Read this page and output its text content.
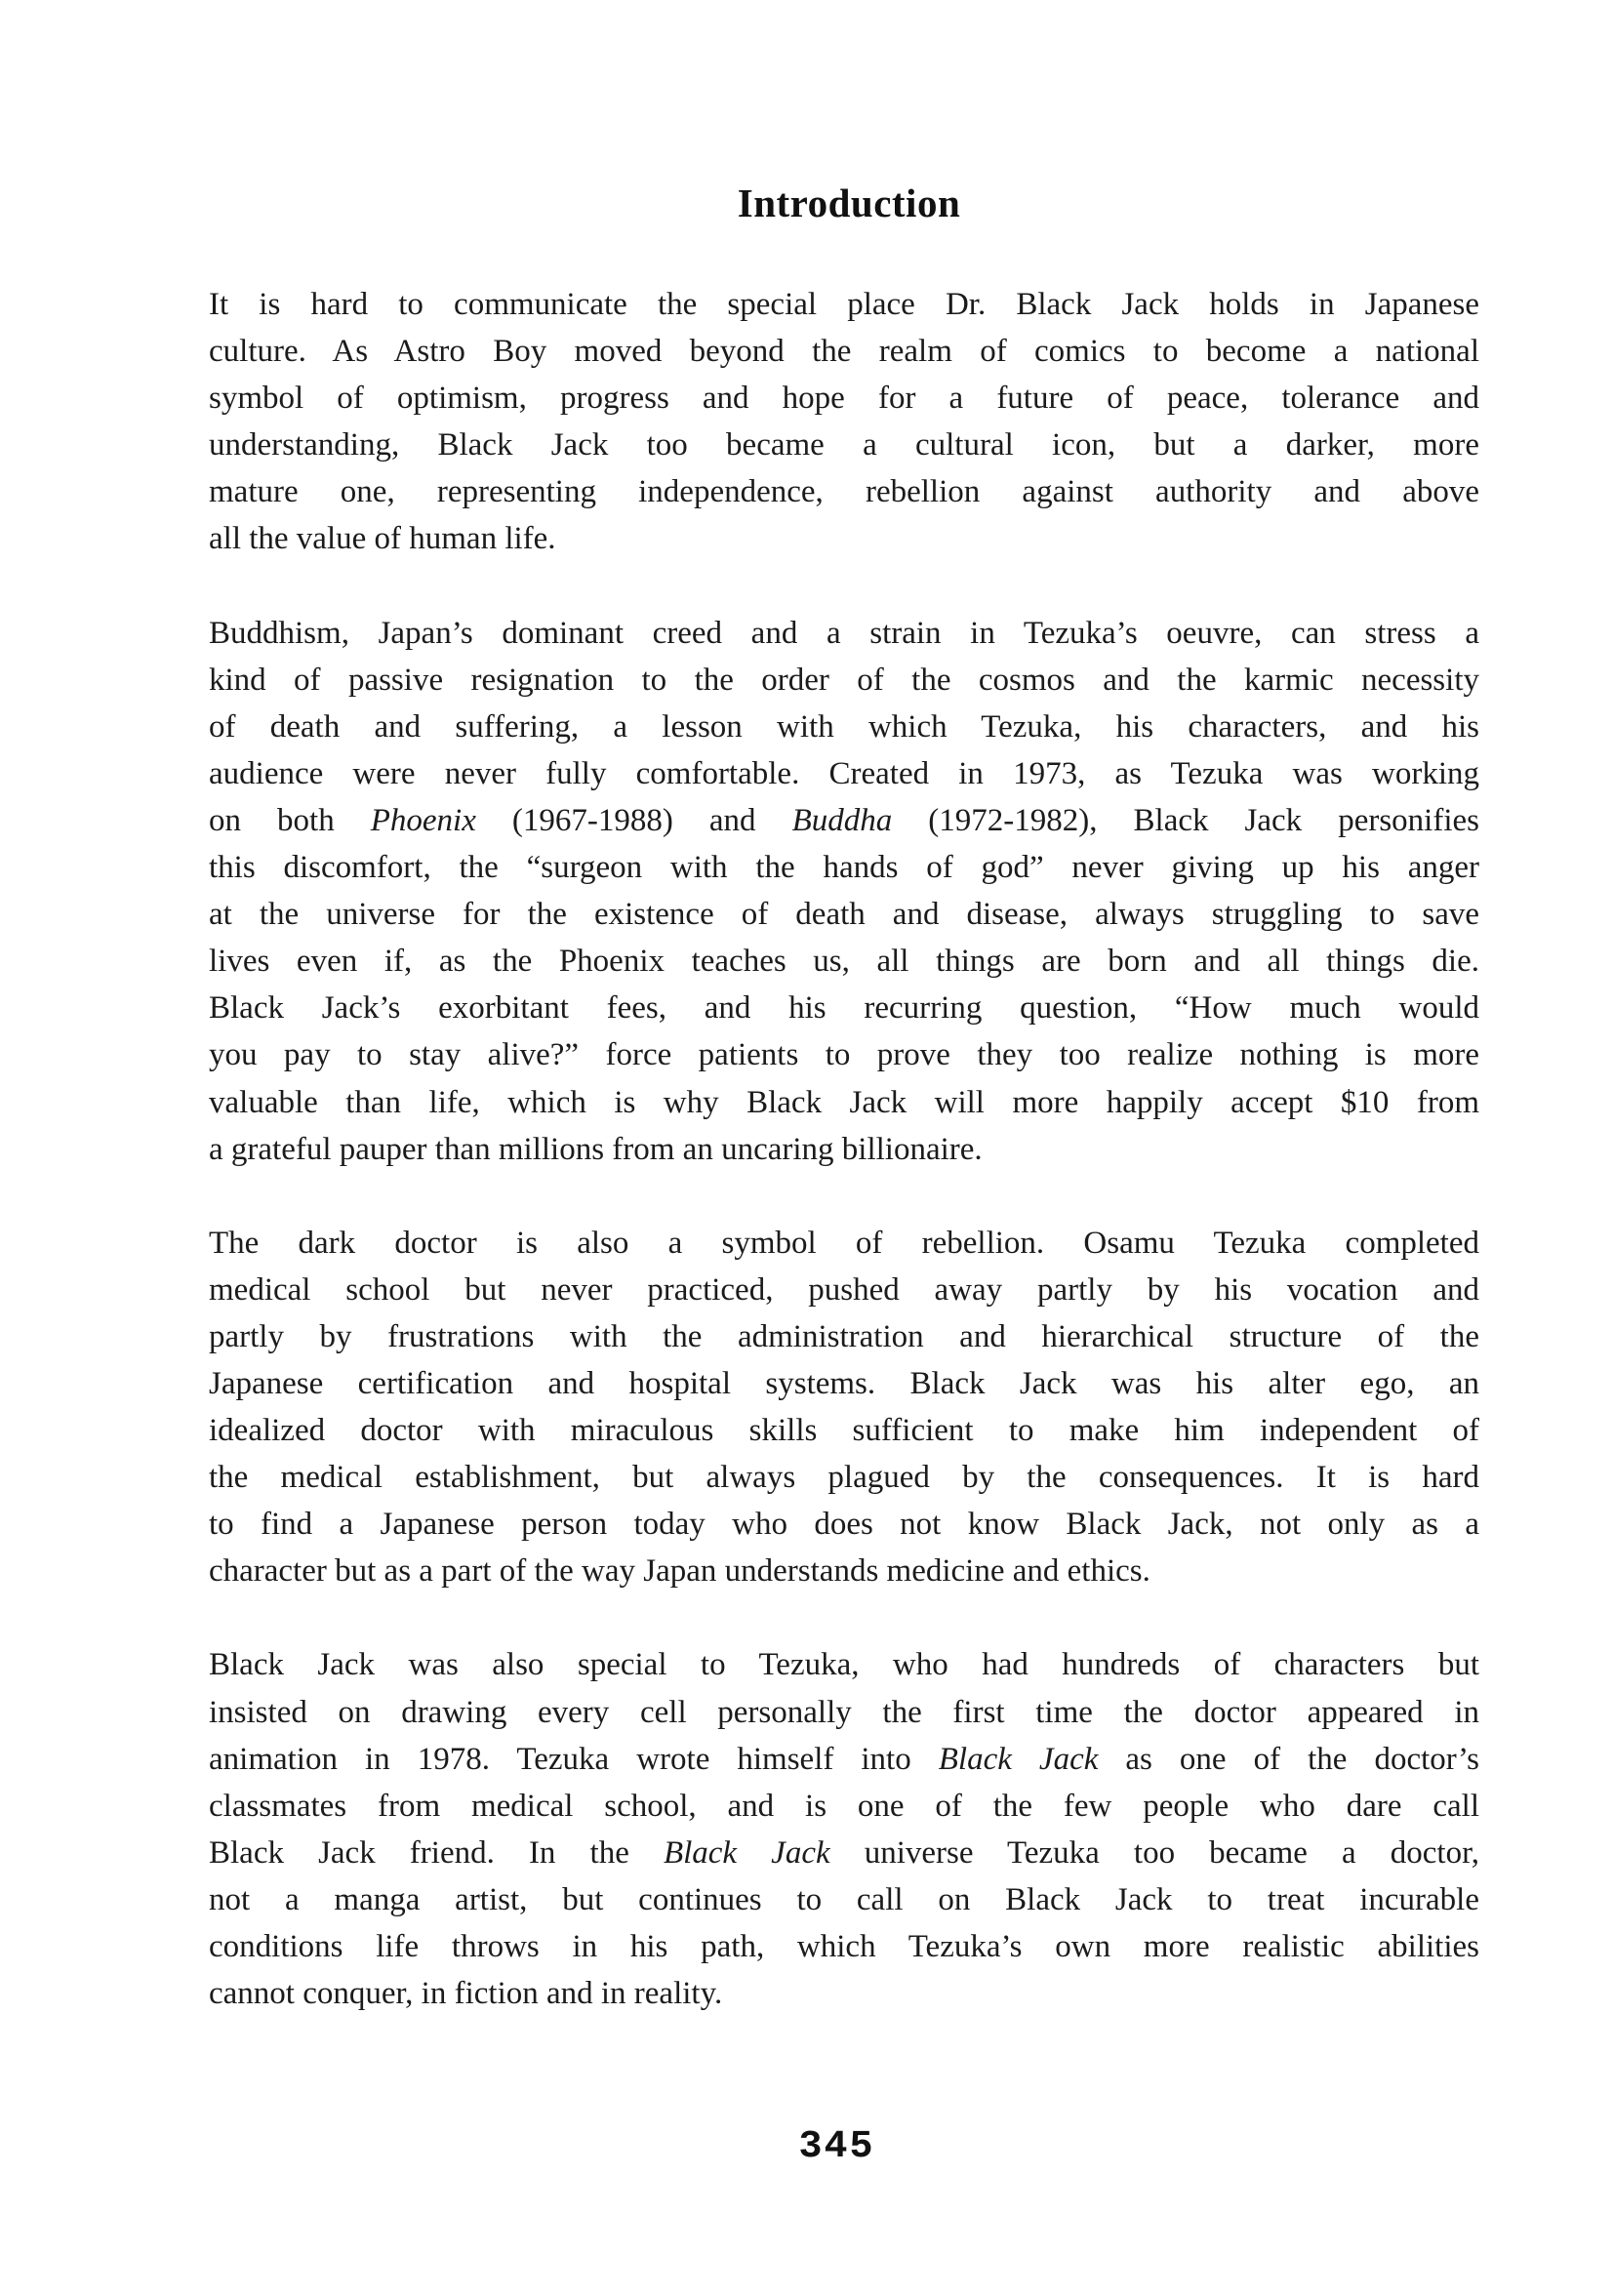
Introduction

It is hard to communicate the special place Dr. Black Jack holds in Japanese
culture. As Astro Boy moved beyond the realm of comics to become a national
symbol of optimism, progress and hope for a future of peace, tolerance and
understanding, Black Jack too became a cultural icon, but a darker, more
mature one, representing independence, rebellion against authority and above
all the value of human life.

Buddhism, Japan’s dominant creed and a strain in Tezuka’s oeuvre, can stress a
kind of passive resignation to the order of the cosmos and the karmic necessity
of death and suffering, a lesson with which Tezuka, his characters, and his
audience were never fully comfortable. Created in 1973, as Tezuka was working
on both Phoenix (1967-1988) and Buddha (1972-1982), Black Jack personifies
this discomfort, the “surgeon with the hands of god” never giving up his anger
at the universe for the existence of death and disease, always struggling to save
lives even if, as the Phoenix teaches us, all things are born and all things die.
Black Jack’s exorbitant fees, and his recurring question, “How much would
you pay to stay alive?” force patients to prove they too realize nothing is more
valuable than life, which is why Black Jack will more happily accept $10 from
a grateful pauper than millions from an uncaring billionaire.

The dark doctor is also a symbol of rebellion. Osamu Tezuka completed
medical school but never practiced, pushed away partly by his vocation and
partly by frustrations with the administration and hierarchical structure of the
Japanese certification and hospital systems. Black Jack was his alter ego, an
idealized doctor with miraculous skills sufficient to make him independent of
the medical establishment, but always plagued by the consequences. It is hard
to find a Japanese person today who does not know Black Jack, not only as a
character but as a part of the way Japan understands medicine and ethics.

Black Jack was also special to Tezuka, who had hundreds of characters but
insisted on drawing every cell personally the first time the doctor appeared in
animation in 1978. Tezuka wrote himself into Black Jack as one of the doctor’s
classmates from medical school, and is one of the few people who dare call
Black Jack friend. In the Black Jack universe Tezuka too became a doctor,
not a manga artist, but continues to call on Black Jack to treat incurable
conditions life throws in his path, which Tezuka’s own more realistic abilities
cannot conquer, in fiction and in reality.

345
